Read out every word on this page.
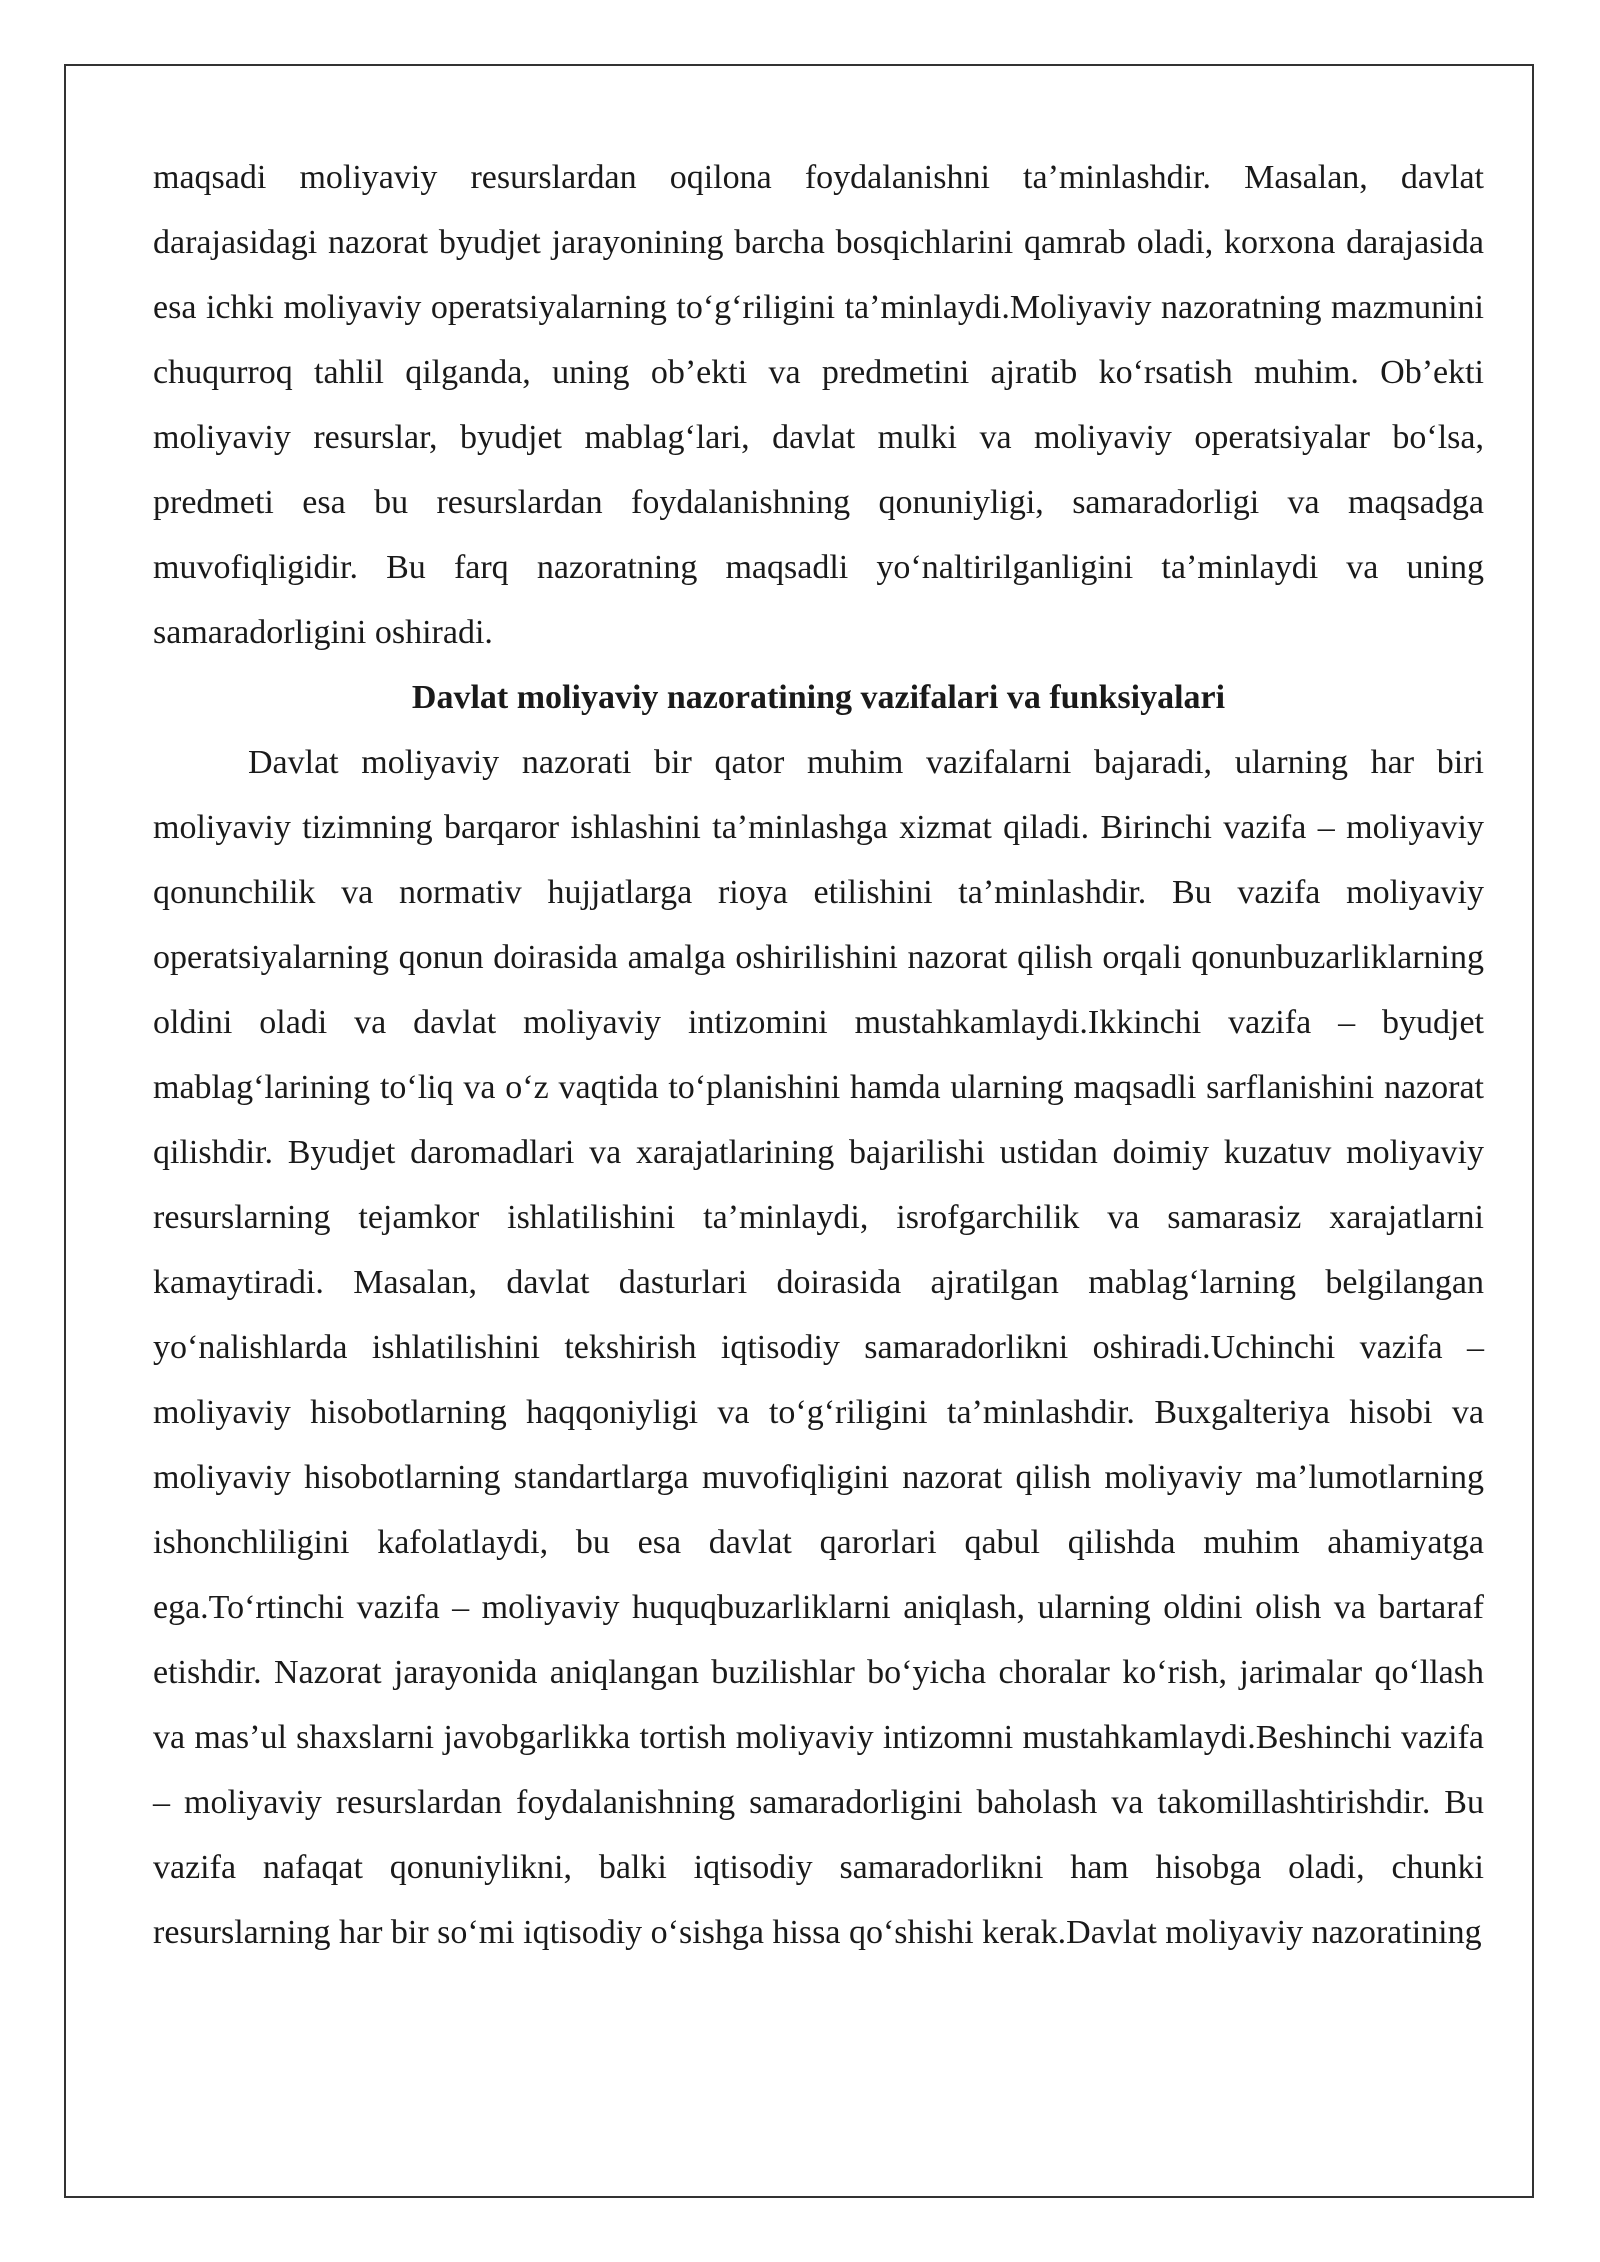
maqsadi moliyaviy resurslardan oqilona foydalanishni taʼminlashdir. Masalan, davlat darajasidagi nazorat byudjet jarayonining barcha bosqichlarini qamrab oladi, korxona darajasida esa ichki moliyaviy operatsiyalarning toʻgʻriligini taʼminlaydi.Moliyaviy nazoratning mazmunini chuqurroq tahlil qilganda, uning obʼekti va predmetini ajratib koʻrsatish muhim. Obʼekti moliyaviy resurslar, byudjet mablagʻlari, davlat mulki va moliyaviy operatsiyalar boʻlsa, predmeti esa bu resurslardan foydalanishning qonuniyligi, samaradorligi va maqsadga muvofiqligidir. Bu farq nazoratning maqsadli yoʻnaltirilganligini taʼminlaydi va uning samaradorligini oshiradi.

Davlat moliyaviy nazoratining vazifalari va funksiyalari

Davlat moliyaviy nazorati bir qator muhim vazifalarni bajaradi, ularning har biri moliyaviy tizimning barqaror ishlashini taʼminlashga xizmat qiladi. Birinchi vazifa – moliyaviy qonunchilik va normativ hujjatlarga rioya etilishini taʼminlashdir. Bu vazifa moliyaviy operatsiyalarning qonun doirasida amalga oshirilishini nazorat qilish orqali qonunbuzarliklarning oldini oladi va davlat moliyaviy intizomini mustahkamlaydi.Ikkinchi vazifa – byudjet mablagʻlarining toʻliq va oʻz vaqtida toʻplanishini hamda ularning maqsadli sarflanishini nazorat qilishdir. Byudjet daromadlari va xarajatlarining bajarilishi ustidan doimiy kuzatuv moliyaviy resurslarning tejamkor ishlatilishini taʼminlaydi, isrofgarchilik va samarasiz xarajatlarni kamaytiradi. Masalan, davlat dasturlari doirasida ajratilgan mablagʻlarning belgilangan yoʻnalishlarda ishlatilishini tekshirish iqtisodiy samaradorlikni oshiradi.Uchinchi vazifa – moliyaviy hisobotlarning haqqoniyligi va toʻgʻriligini taʼminlashdir. Buxgalteriya hisobi va moliyaviy hisobotlarning standartlarga muvofiqligini nazorat qilish moliyaviy maʼlumotlarning ishonchliligini kafolatlaydi, bu esa davlat qarorlari qabul qilishda muhim ahamiyatga ega.Toʻrtinchi vazifa – moliyaviy huquqbuzarliklarni aniqlash, ularning oldini olish va bartaraf etishdir. Nazorat jarayonida aniqlangan buzilishlar boʻyicha choralar koʻrish, jarimalar qoʻllash va masʼul shaxslarni javobgarlikka tortish moliyaviy intizomni mustahkamlaydi.Beshinchi vazifa – moliyaviy resurslardan foydalanishning samaradorligini baholash va takomillashtirishdir. Bu vazifa nafaqat qonuniylikni, balki iqtisodiy samaradorlikni ham hisobga oladi, chunki resurslarning har bir soʻmi iqtisodiy oʻsishga hissa qoʻshishi kerak.Davlat moliyaviy nazoratining
